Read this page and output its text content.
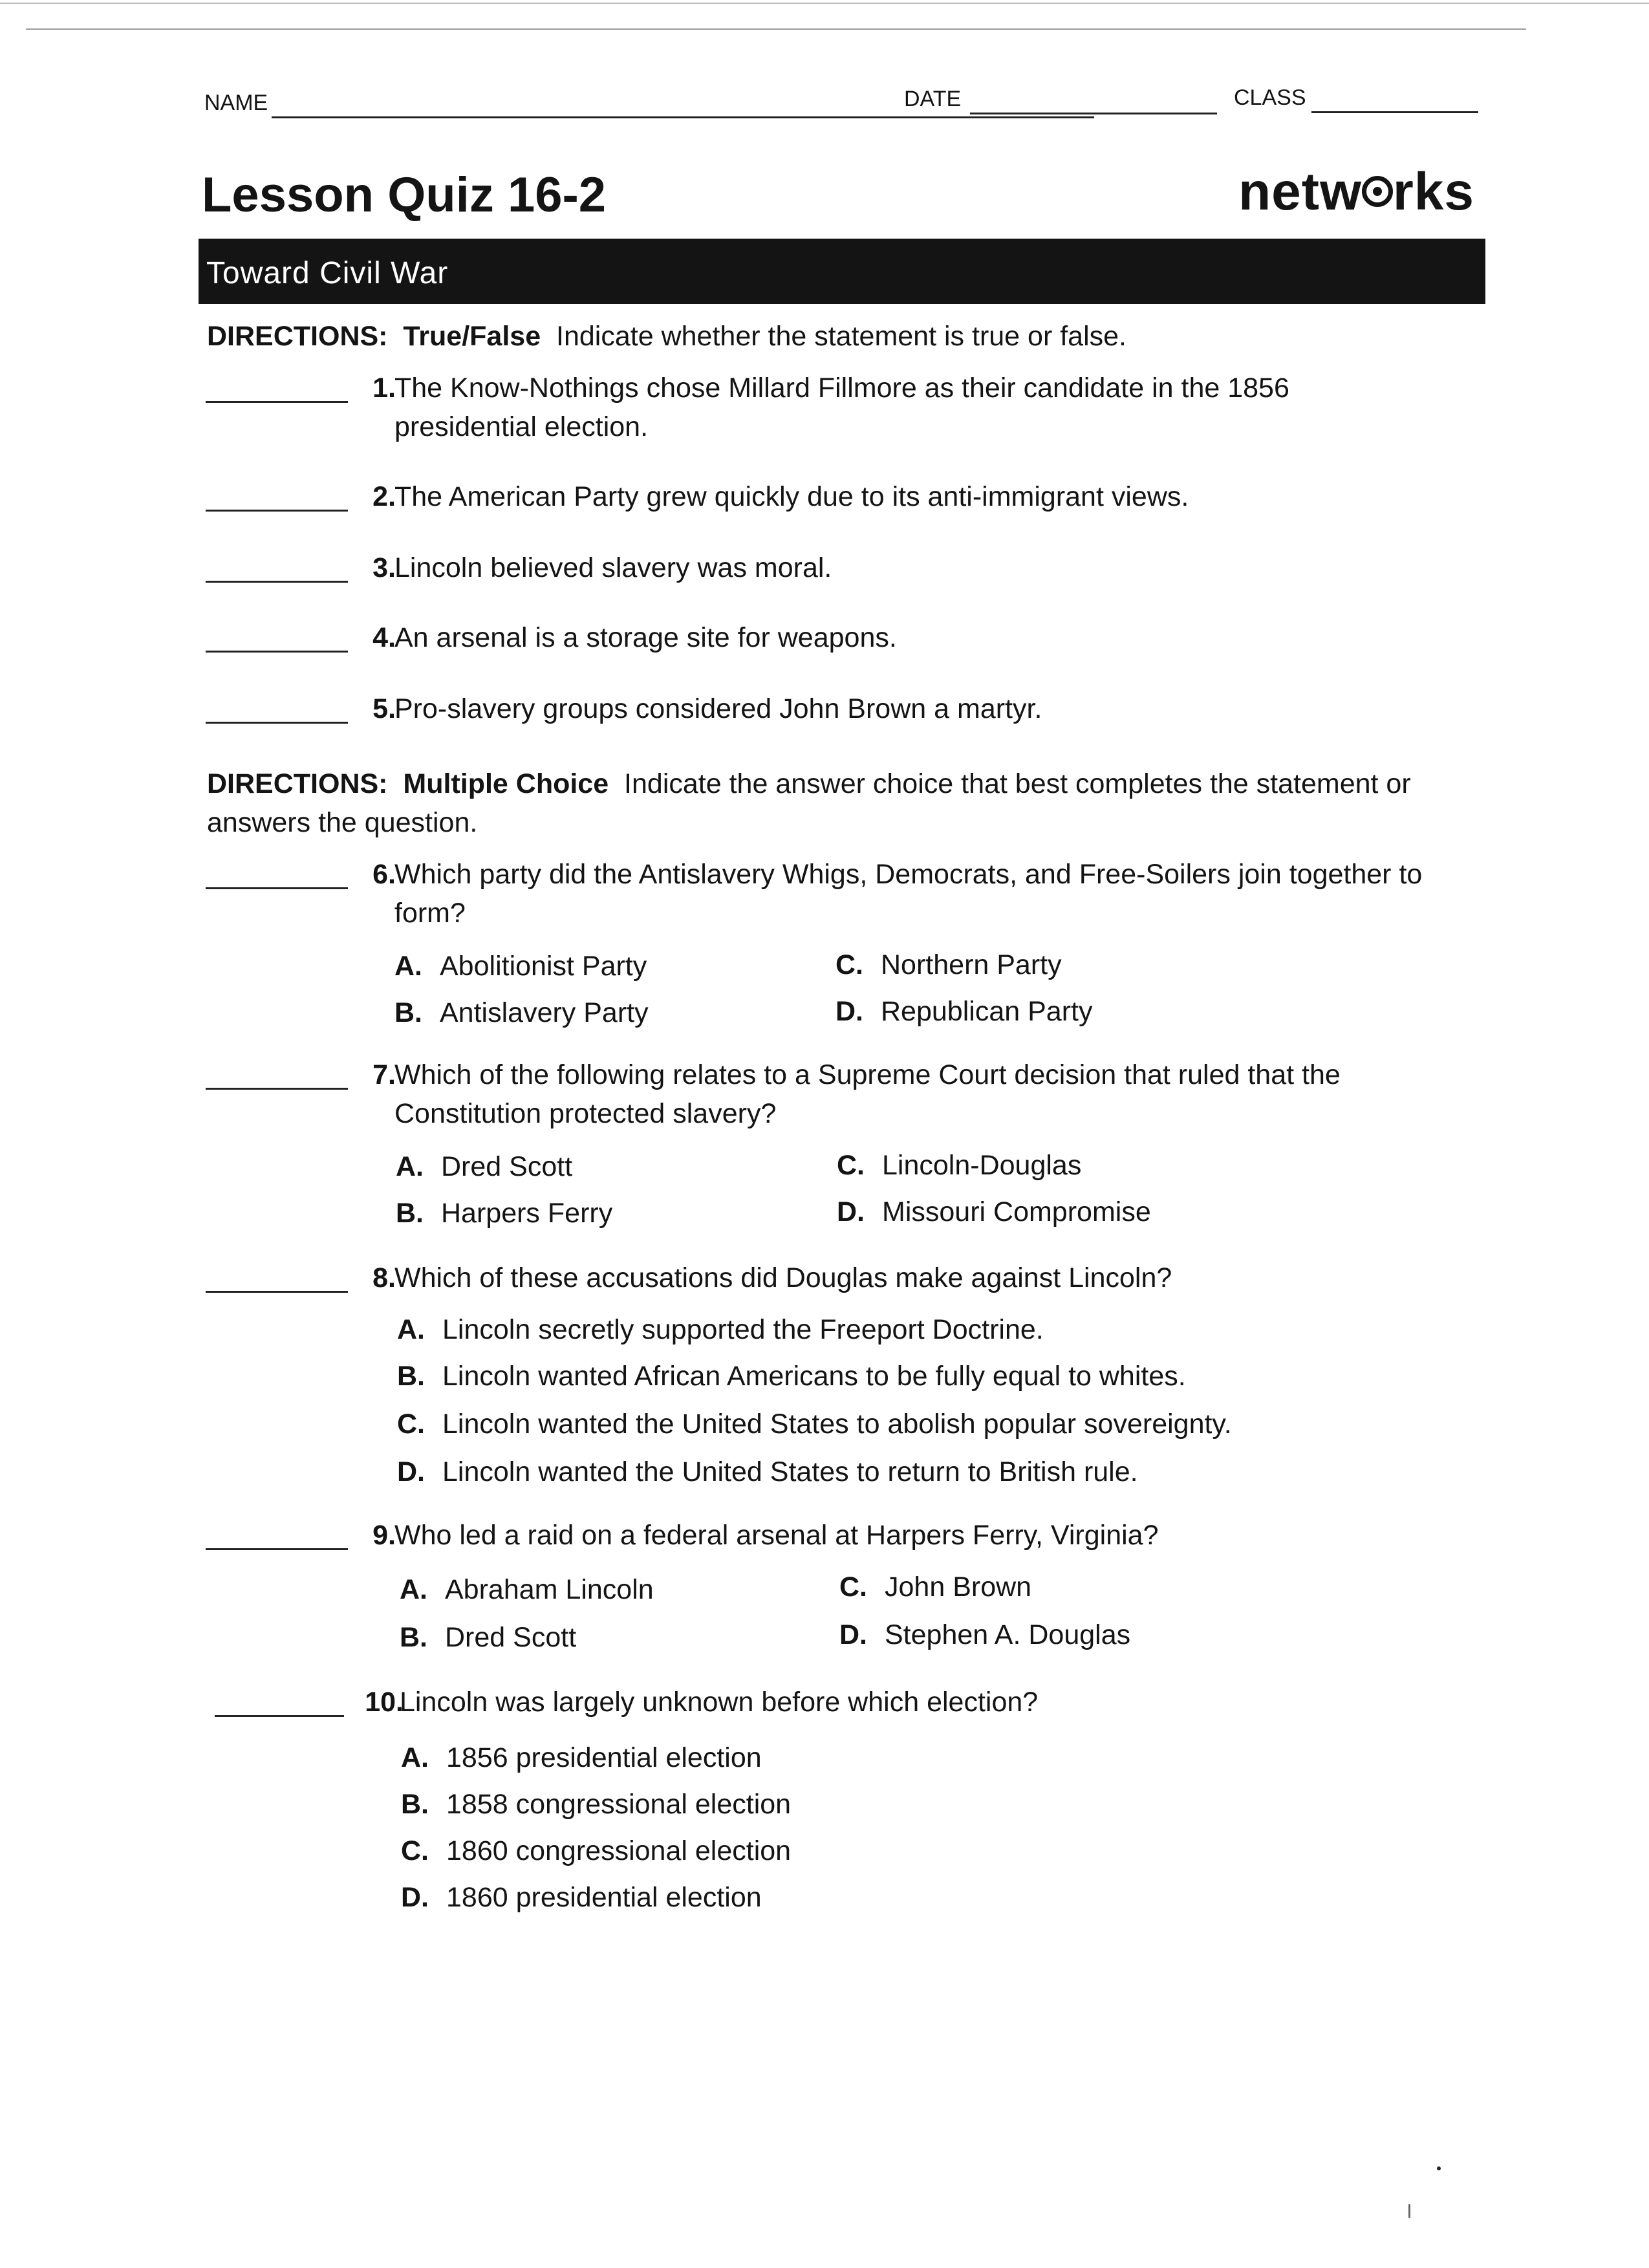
NAME	DATE	CLASS
Lesson Quiz 16-2	netw rks
Toward Civil War
DIRECTIONS: True/False Indicate whether the statement is true or false.
1.
The Know-Nothings chose Millard Fillmore as their candidate in the 1856 presidential election.
2.
The American Party grew quickly due to its anti-immigrant views.
3.
Lincoln believed slavery was moral.
4.
An arsenal is a storage site for weapons.
5.
Pro-slavery groups considered John Brown a martyr.
DIRECTIONS: Multiple Choice Indicate the answer choice that best completes the statement or answers the question.
6.
Which party did the Antislavery Whigs, Democrats, and Free-Soilers join together to form?
A. Abolitionist Party
B. Antislavery Party
C. Northern Party
D. Republican Party
7.
Which of the following relates to a Supreme Court decision that ruled that the Constitution protected slavery?
A. Dred Scott
B. Harpers Ferry
C. Lincoln-Douglas
D. Missouri Compromise
8.
Which of these accusations did Douglas make against Lincoln?
A. Lincoln secretly supported the Freeport Doctrine.
B. Lincoln wanted African Americans to be fully equal to whites.
C. Lincoln wanted the United States to abolish popular sovereignty.
D. Lincoln wanted the United States to return to British rule.
9.
Who led a raid on a federal arsenal at Harpers Ferry, Virginia?
A. Abraham Lincoln
B. Dred Scott
C. John Brown
D. Stephen A. Douglas
10.
Lincoln was largely unknown before which election?
A. 1856 presidential election
B. 1858 congressional election
C. 1860 congressional election
D. 1860 presidential election
